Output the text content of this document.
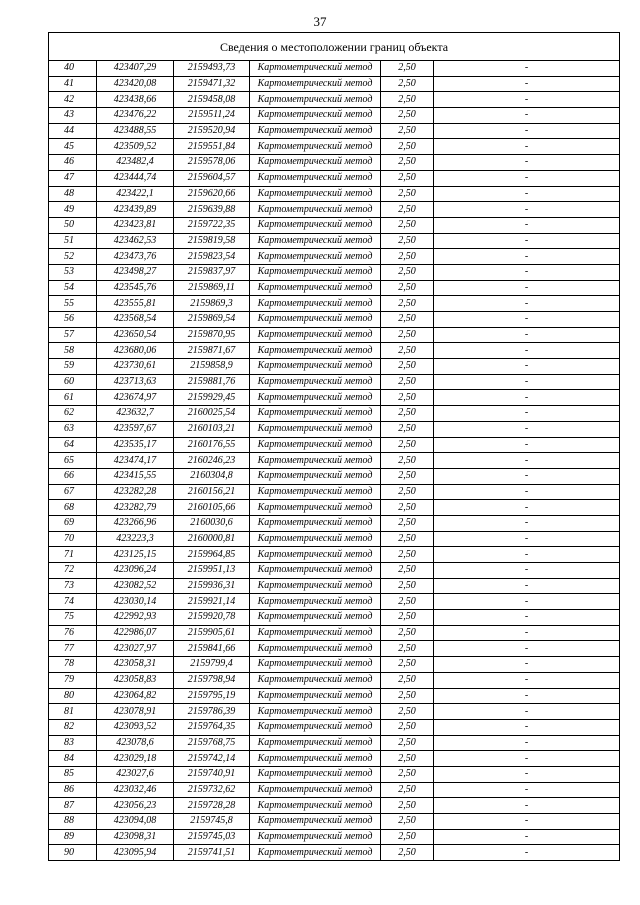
37
Сведения о местоположении границ объекта					
40	423407,29	2159493,73	Картометрический метод	2,50	-
41	423420,08	2159471,32	Картометрический метод	2,50	-
42	423438,66	2159458,08	Картометрический метод	2,50	-
43	423476,22	2159511,24	Картометрический метод	2,50	-
44	423488,55	2159520,94	Картометрический метод	2,50	-
45	423509,52	2159551,84	Картометрический метод	2,50	-
46	423482,4	2159578,06	Картометрический метод	2,50	-
47	423444,74	2159604,57	Картометрический метод	2,50	-
48	423422,1	2159620,66	Картометрический метод	2,50	-
49	423439,89	2159639,88	Картометрический метод	2,50	-
50	423423,81	2159722,35	Картометрический метод	2,50	-
51	423462,53	2159819,58	Картометрический метод	2,50	-
52	423473,76	2159823,54	Картометрический метод	2,50	-
53	423498,27	2159837,97	Картометрический метод	2,50	-
54	423545,76	2159869,11	Картометрический метод	2,50	-
55	423555,81	2159869,3	Картометрический метод	2,50	-
56	423568,54	2159869,54	Картометрический метод	2,50	-
57	423650,54	2159870,95	Картометрический метод	2,50	-
58	423680,06	2159871,67	Картометрический метод	2,50	-
59	423730,61	2159858,9	Картометрический метод	2,50	-
60	423713,63	2159881,76	Картометрический метод	2,50	-
61	423674,97	2159929,45	Картометрический метод	2,50	-
62	423632,7	2160025,54	Картометрический метод	2,50	-
63	423597,67	2160103,21	Картометрический метод	2,50	-
64	423535,17	2160176,55	Картометрический метод	2,50	-
65	423474,17	2160246,23	Картометрический метод	2,50	-
66	423415,55	2160304,8	Картометрический метод	2,50	-
67	423282,28	2160156,21	Картометрический метод	2,50	-
68	423282,79	2160105,66	Картометрический метод	2,50	-
69	423266,96	2160030,6	Картометрический метод	2,50	-
70	423223,3	2160000,81	Картометрический метод	2,50	-
71	423125,15	2159964,85	Картометрический метод	2,50	-
72	423096,24	2159951,13	Картометрический метод	2,50	-
73	423082,52	2159936,31	Картометрический метод	2,50	-
74	423030,14	2159921,14	Картометрический метод	2,50	-
75	422992,93	2159920,78	Картометрический метод	2,50	-
76	422986,07	2159905,61	Картометрический метод	2,50	-
77	423027,97	2159841,66	Картометрический метод	2,50	-
78	423058,31	2159799,4	Картометрический метод	2,50	-
79	423058,83	2159798,94	Картометрический метод	2,50	-
80	423064,82	2159795,19	Картометрический метод	2,50	-
81	423078,91	2159786,39	Картометрический метод	2,50	-
82	423093,52	2159764,35	Картометрический метод	2,50	-
83	423078,6	2159768,75	Картометрический метод	2,50	-
84	423029,18	2159742,14	Картометрический метод	2,50	-
85	423027,6	2159740,91	Картометрический метод	2,50	-
86	423032,46	2159732,62	Картометрический метод	2,50	-
87	423056,23	2159728,28	Картометрический метод	2,50	-
88	423094,08	2159745,8	Картометрический метод	2,50	-
89	423098,31	2159745,03	Картометрический метод	2,50	-
90	423095,94	2159741,51	Картометрический метод	2,50	-
